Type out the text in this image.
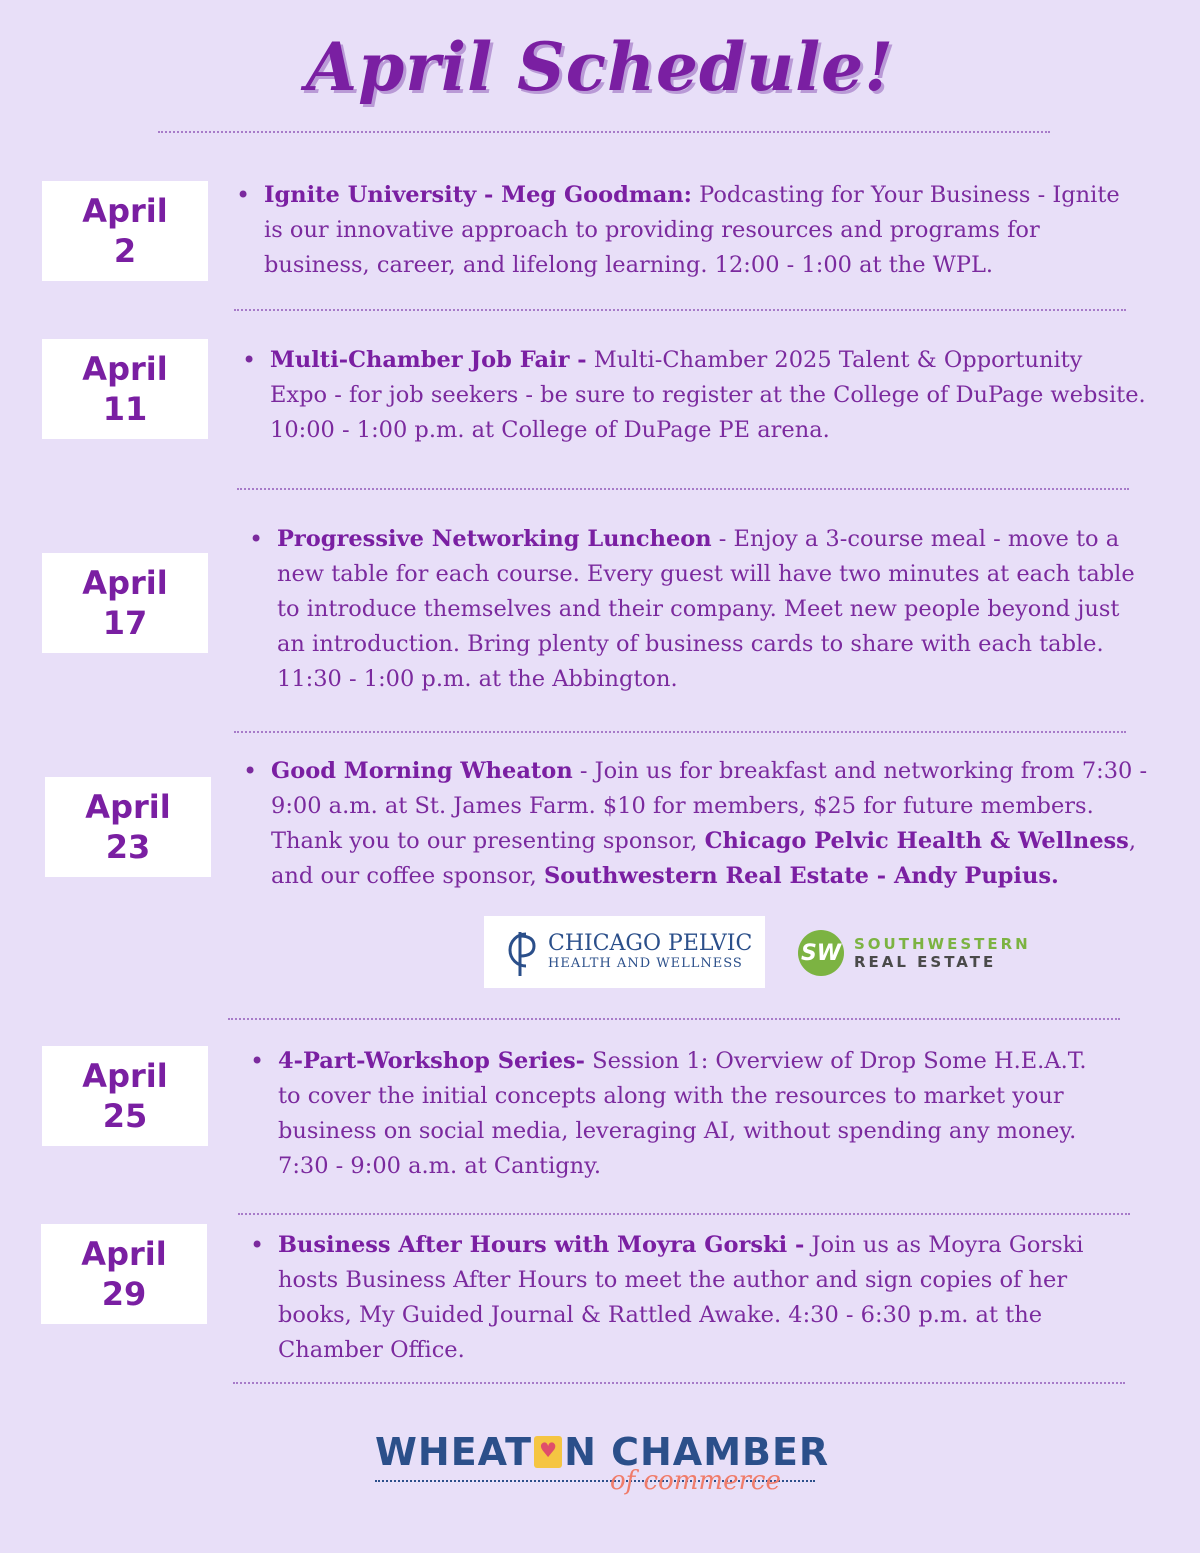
April Schedule!
April
2
• Ignite University - Meg Goodman: Podcasting for Your Business - Ignite is our innovative approach to providing resources and programs for business, career, and lifelong learning. 12:00 - 1:00 at the WPL.
April
11
• Multi-Chamber Job Fair - Multi-Chamber 2025 Talent & Opportunity Expo - for job seekers - be sure to register at the College of DuPage website. 10:00 - 1:00 p.m. at College of DuPage PE arena.
April
17
• Progressive Networking Luncheon - Enjoy a 3-course meal - move to a new table for each course. Every guest will have two minutes at each table to introduce themselves and their company. Meet new people beyond just an introduction. Bring plenty of business cards to share with each table. 11:30 - 1:00 p.m. at the Abbington.
April
23
• Good Morning Wheaton - Join us for breakfast and networking from 7:30 - 9:00 a.m. at St. James Farm. $10 for members, $25 for future members. Thank you to our presenting sponsor, Chicago Pelvic Health & Wellness, and our coffee sponsor, Southwestern Real Estate - Andy Pupius.
CHICAGO PELVIC
HEALTH AND WELLNESS	SW SOUTHWESTERN
REAL ESTATE
April
25
• 4-Part-Workshop Series- Session 1: Overview of Drop Some H.E.A.T. to cover the initial concepts along with the resources to market your business on social media, leveraging AI, without spending any money. 7:30 - 9:00 a.m. at Cantigny.
April
29
• Business After Hours with Moyra Gorski - Join us as Moyra Gorski hosts Business After Hours to meet the author and sign copies of her books, My Guided Journal & Rattled Awake. 4:30 - 6:30 p.m. at the Chamber Office.
WHEAT ♥ N CHAMBER
of commerce
